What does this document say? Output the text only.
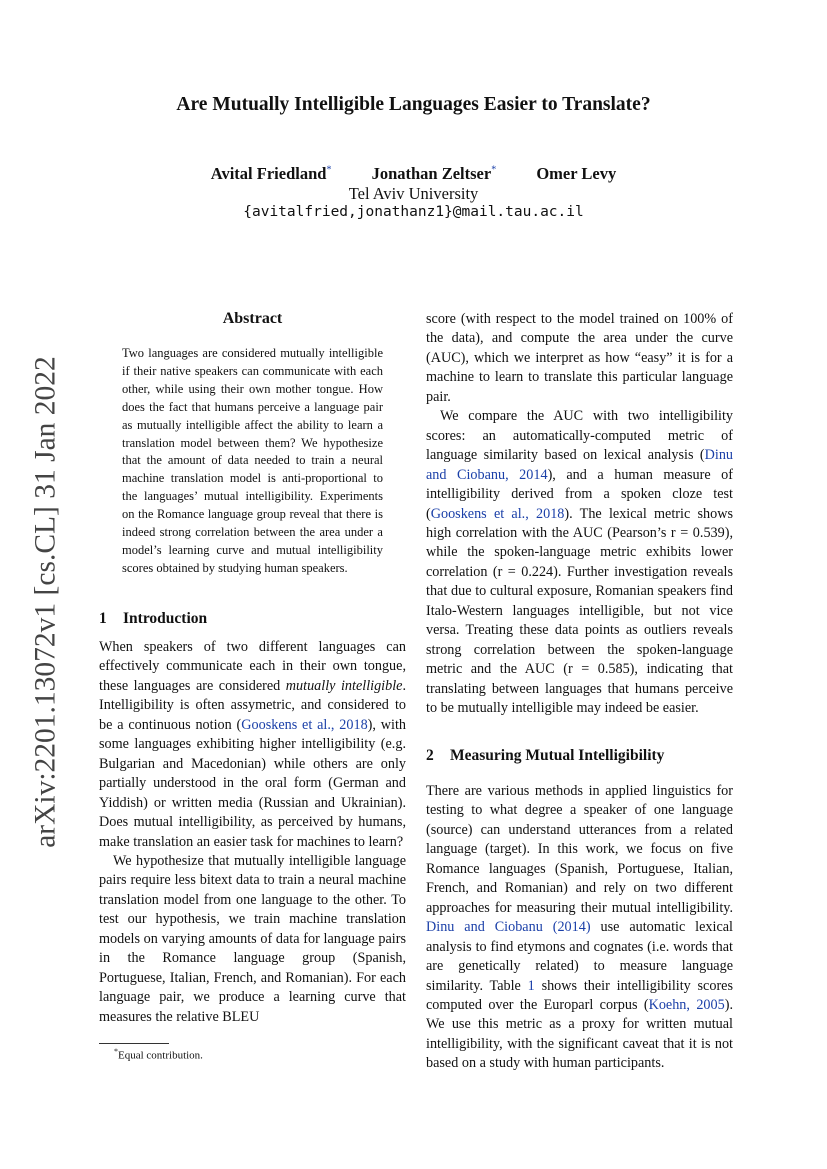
arXiv:2201.13072v1 [cs.CL] 31 Jan 2022
Are Mutually Intelligible Languages Easier to Translate?
Avital Friedland* Jonathan Zeltser* Omer Levy
Tel Aviv University
{avitalfried,jonathanz1}@mail.tau.ac.il
Abstract
Two languages are considered mutually intelligible if their native speakers can communicate with each other, while using their own mother tongue. How does the fact that humans perceive a language pair as mutually intelligible affect the ability to learn a translation model between them? We hypothesize that the amount of data needed to train a neural machine translation model is anti-proportional to the languages’ mutual intelligibility. Experiments on the Romance language group reveal that there is indeed strong correlation between the area under a model’s learning curve and mutual intelligibility scores obtained by studying human speakers.
1 Introduction

When speakers of two different languages can effectively communicate each in their own tongue, these languages are considered mutually intelligible. Intelligibility is often assymetric, and considered to be a continuous notion (Gooskens et al., 2018), with some languages exhibiting higher intelligibility (e.g. Bulgarian and Macedonian) while others are only partially understood in the oral form (German and Yiddish) or written media (Russian and Ukrainian). Does mutual intelligibility, as perceived by humans, make translation an easier task for machines to learn?

We hypothesize that mutually intelligible language pairs require less bitext data to train a neural machine translation model from one language to the other. To test our hypothesis, we train machine translation models on varying amounts of data for language pairs in the Romance language group (Spanish, Portuguese, Italian, French, and Romanian). For each language pair, we produce a learning curve that measures the relative BLEU

score (with respect to the model trained on 100% of the data), and compute the area under the curve (AUC), which we interpret as how “easy” it is for a machine to learn to translate this particular language pair.

We compare the AUC with two intelligibility scores: an automatically-computed metric of language similarity based on lexical analysis (Dinu and Ciobanu, 2014), and a human measure of intelligibility derived from a spoken cloze test (Gooskens et al., 2018). The lexical metric shows high correlation with the AUC (Pearson’s r = 0.539), while the spoken-language metric exhibits lower correlation (r = 0.224). Further investigation reveals that due to cultural exposure, Romanian speakers find Italo-Western languages intelligible, but not vice versa. Treating these data points as outliers reveals strong correlation between the spoken-language metric and the AUC (r = 0.585), indicating that translating between languages that humans perceive to be mutually intelligible may indeed be easier.

2 Measuring Mutual Intelligibility

There are various methods in applied linguistics for testing to what degree a speaker of one language (source) can understand utterances from a related language (target). In this work, we focus on five Romance languages (Spanish, Portuguese, Italian, French, and Romanian) and rely on two different approaches for measuring their mutual intelligibility. Dinu and Ciobanu (2014) use automatic lexical analysis to find etymons and cognates (i.e. words that are genetically related) to measure language similarity. Table 1 shows their intelligibility scores computed over the Europarl corpus (Koehn, 2005). We use this metric as a proxy for written mutual intelligibility, with the significant caveat that it is not based on a study with human participants.

*Equal contribution.
